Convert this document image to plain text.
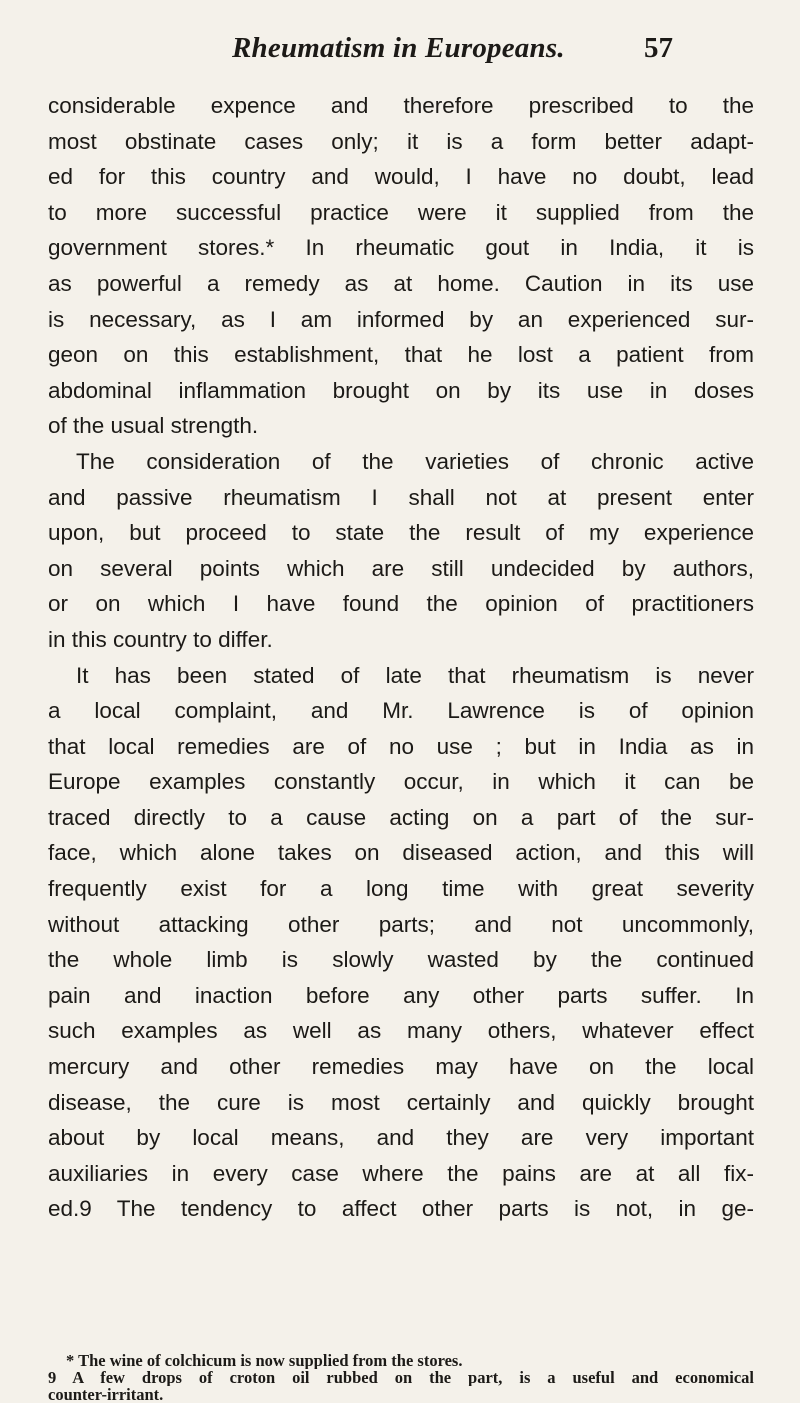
Rheumatism in Europeans.	57
considerable expence and therefore prescribed to the
most obstinate cases only; it is a form better adapt-
ed for this country and would, I have no doubt, lead
to more successful practice were it supplied from the
government stores.* In rheumatic gout in India, it is
as powerful a remedy as at home. Caution in its use
is necessary, as I am informed by an experienced sur-
geon on this establishment, that he lost a patient from
abdominal inflammation brought on by its use in doses
of the usual strength.
The consideration of the varieties of chronic active
and passive rheumatism I shall not at present enter
upon, but proceed to state the result of my experience
on several points which are still undecided by authors,
or on which I have found the opinion of practitioners
in this country to differ.
It has been stated of late that rheumatism is never
a local complaint, and Mr. Lawrence is of opinion
that local remedies are of no use ; but in India as in
Europe examples constantly occur, in which it can be
traced directly to a cause acting on a part of the sur-
face, which alone takes on diseased action, and this will
frequently exist for a long time with great severity
without attacking other parts; and not uncommonly,
the whole limb is slowly wasted by the continued
pain and inaction before any other parts suffer. In
such examples as well as many others, whatever effect
mercury and other remedies may have on the local
disease, the cure is most certainly and quickly brought
about by local means, and they are very important
auxiliaries in every case where the pains are at all fix-
ed.9 The tendency to affect other parts is not, in ge-
* The wine of colchicum is now supplied from the stores.
9 A few drops of croton oil rubbed on the part, is a useful and economical
counter-irritant.
